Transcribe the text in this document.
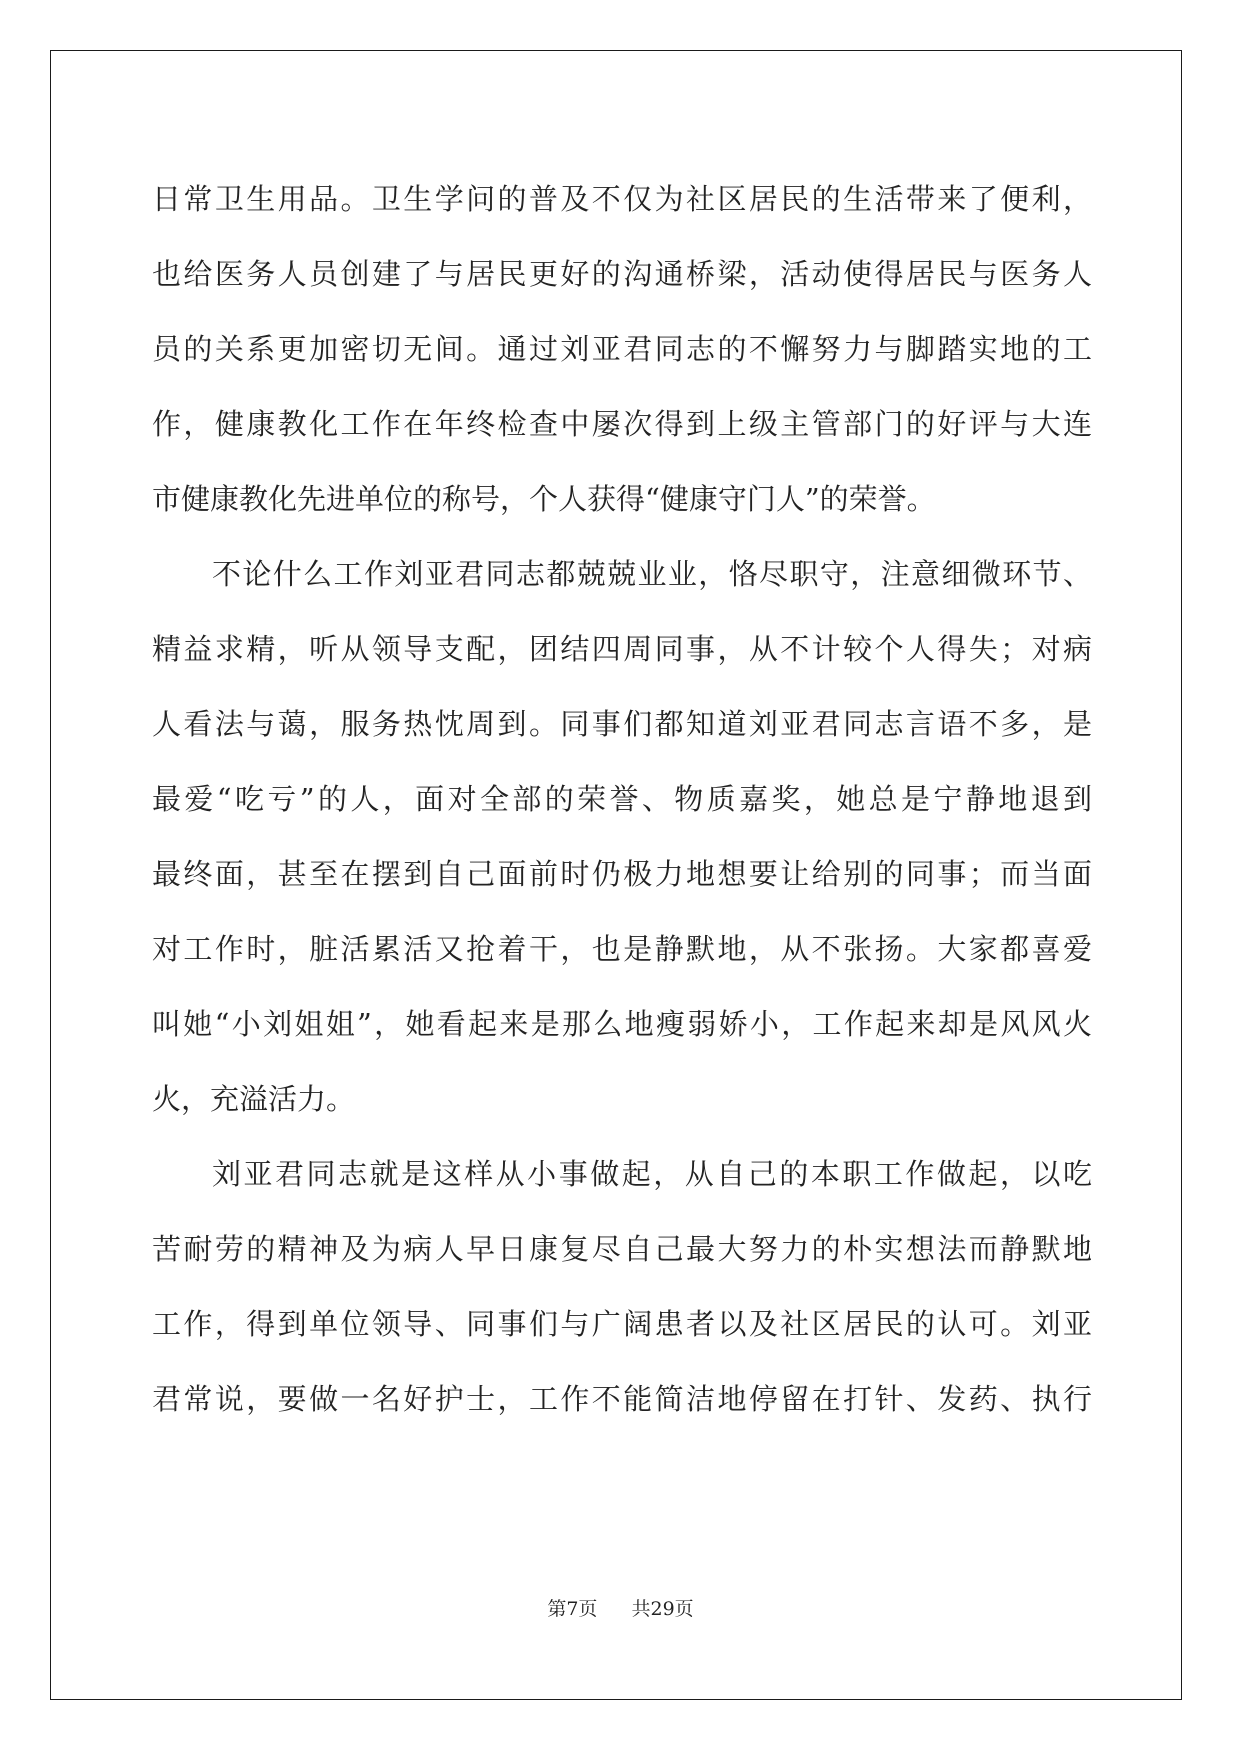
日常卫生用品。卫生学问的普及不仅为社区居民的生活带来了便利，
也给医务人员创建了与居民更好的沟通桥梁，活动使得居民与医务人
员的关系更加密切无间。通过刘亚君同志的不懈努力与脚踏实地的工
作，健康教化工作在年终检查中屡次得到上级主管部门的好评与大连
市健康教化先进单位的称号，个人获得“健康守门人”的荣誉。
不论什么工作刘亚君同志都兢兢业业，恪尽职守，注意细微环节、
精益求精，听从领导支配，团结四周同事，从不计较个人得失；对病
人看法与蔼，服务热忱周到。同事们都知道刘亚君同志言语不多，是
最爱“吃亏”的人，面对全部的荣誉、物质嘉奖，她总是宁静地退到
最终面，甚至在摆到自己面前时仍极力地想要让给别的同事；而当面
对工作时，脏活累活又抢着干，也是静默地，从不张扬。大家都喜爱
叫她“小刘姐姐”，她看起来是那么地瘦弱娇小，工作起来却是风风火
火，充溢活力。
刘亚君同志就是这样从小事做起，从自己的本职工作做起，以吃
苦耐劳的精神及为病人早日康复尽自己最大努力的朴实想法而静默地
工作，得到单位领导、同事们与广阔患者以及社区居民的认可。刘亚
君常说，要做一名好护士，工作不能简洁地停留在打针、发药、执行
第7页 共29页
